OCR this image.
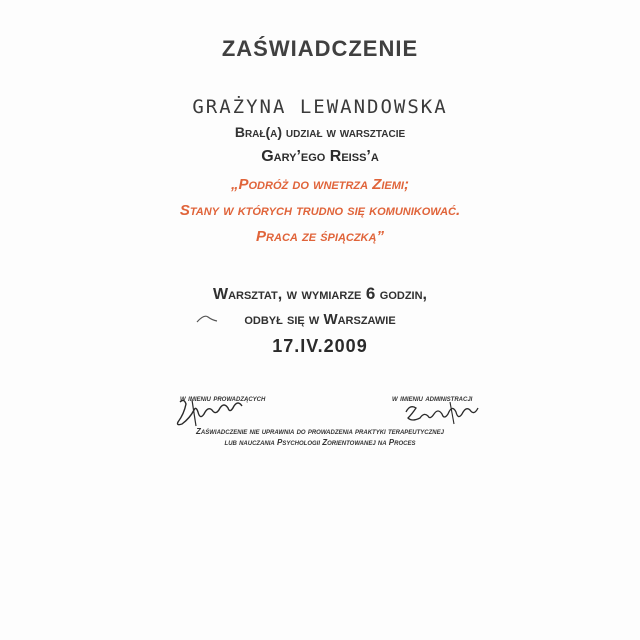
ZAŚWIADCZENIE
GRAŻYNA LEWANDOWSKA
Brał(a) udział w warsztacie
Gary’ego Reiss’a
„Podróż do wnetrza Ziemi;
Stany w których trudno się komunikować.
Praca ze śpiączką”
Warsztat, w wymiarze 6 godzin,
odbył się w Warszawie
17.IV.2009
w imieniu prowadzących	w imieniu administracji
Zaświadczenie nie uprawnia do prowadzenia praktyki terapeutycznej
lub nauczania Psychologii Zorientowanej na Proces
